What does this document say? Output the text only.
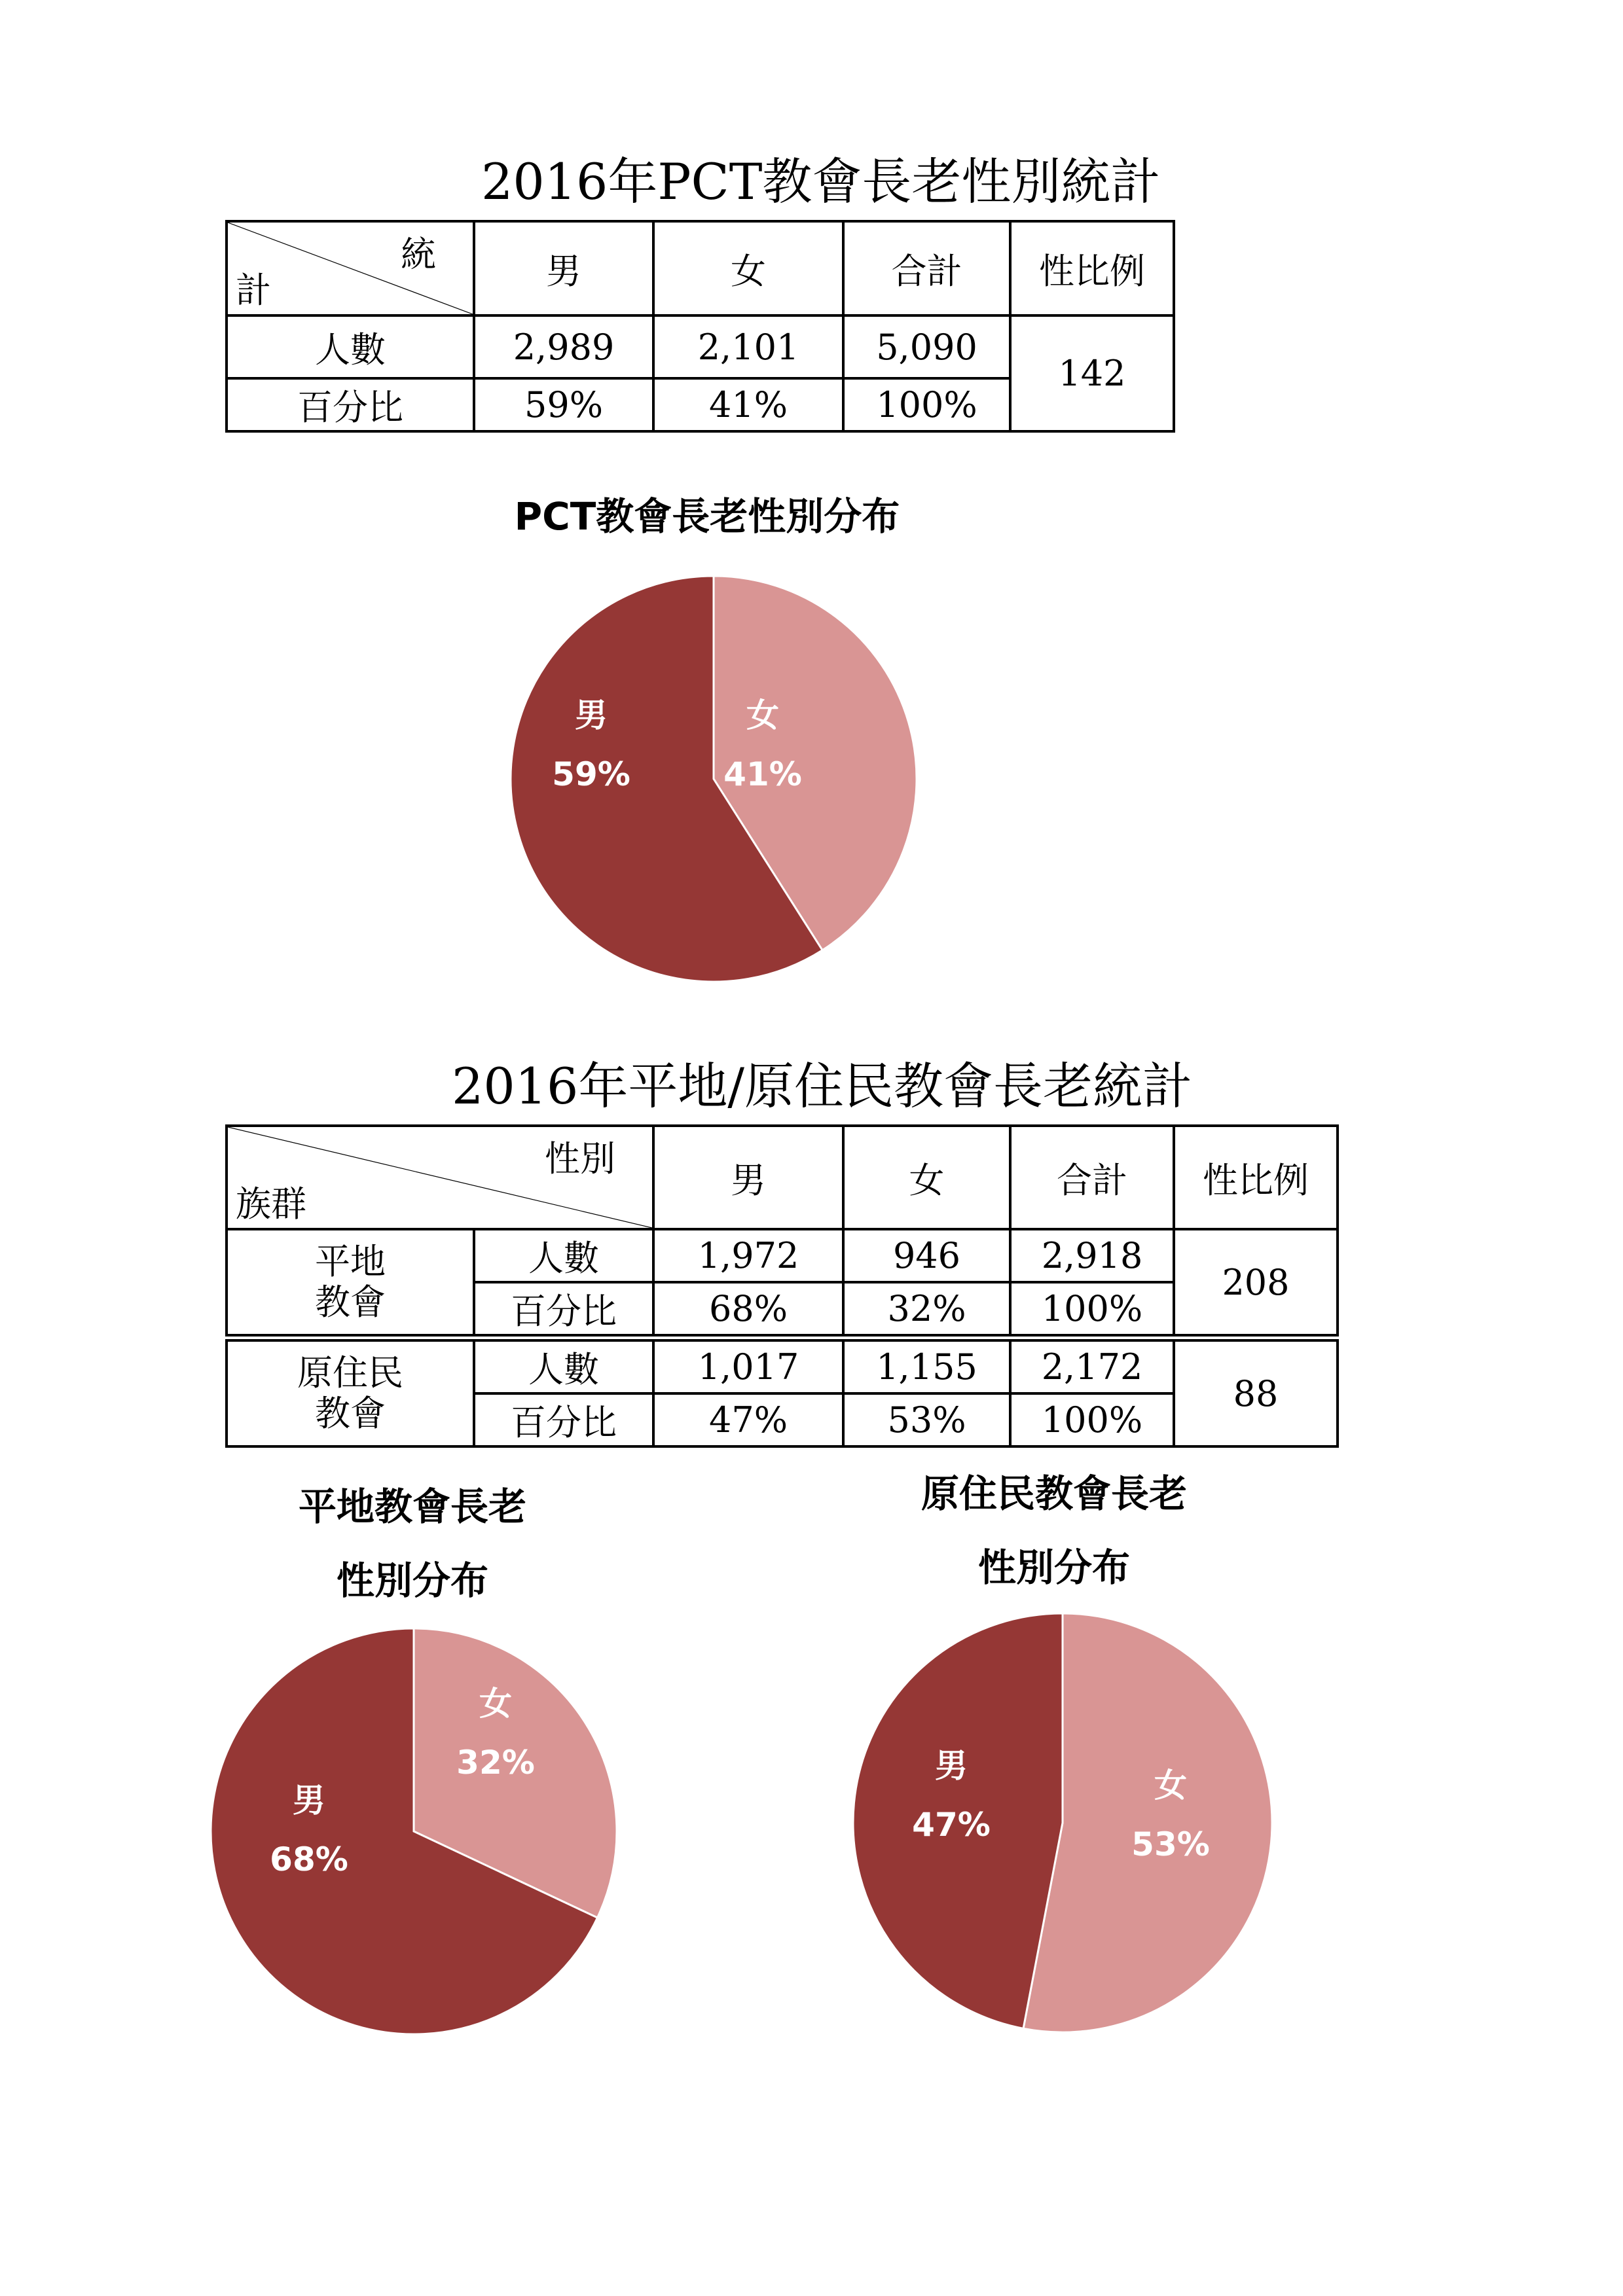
2016年PCT教會長老性別統計
統
計	男	女	合計	性比例
人數	2,989	2,101	5,090	142
百分比	59%	41%	100%	
PCT教會長老性別分布
男
59%
女
41%
2016年平地/原住民教會長老統計
性別
族群		男	女	合計	性比例
平地
教會	人數	1,972	946	2,918	208
	百分比	68%	32%	100%	
原住民
教會	人數	1,017	1,155	2,172	88
	百分比	47%	53%	100%	
平地教會長老
性別分布
男
68%
女
32%
原住民教會長老
性別分布
男
47%
女
53%
